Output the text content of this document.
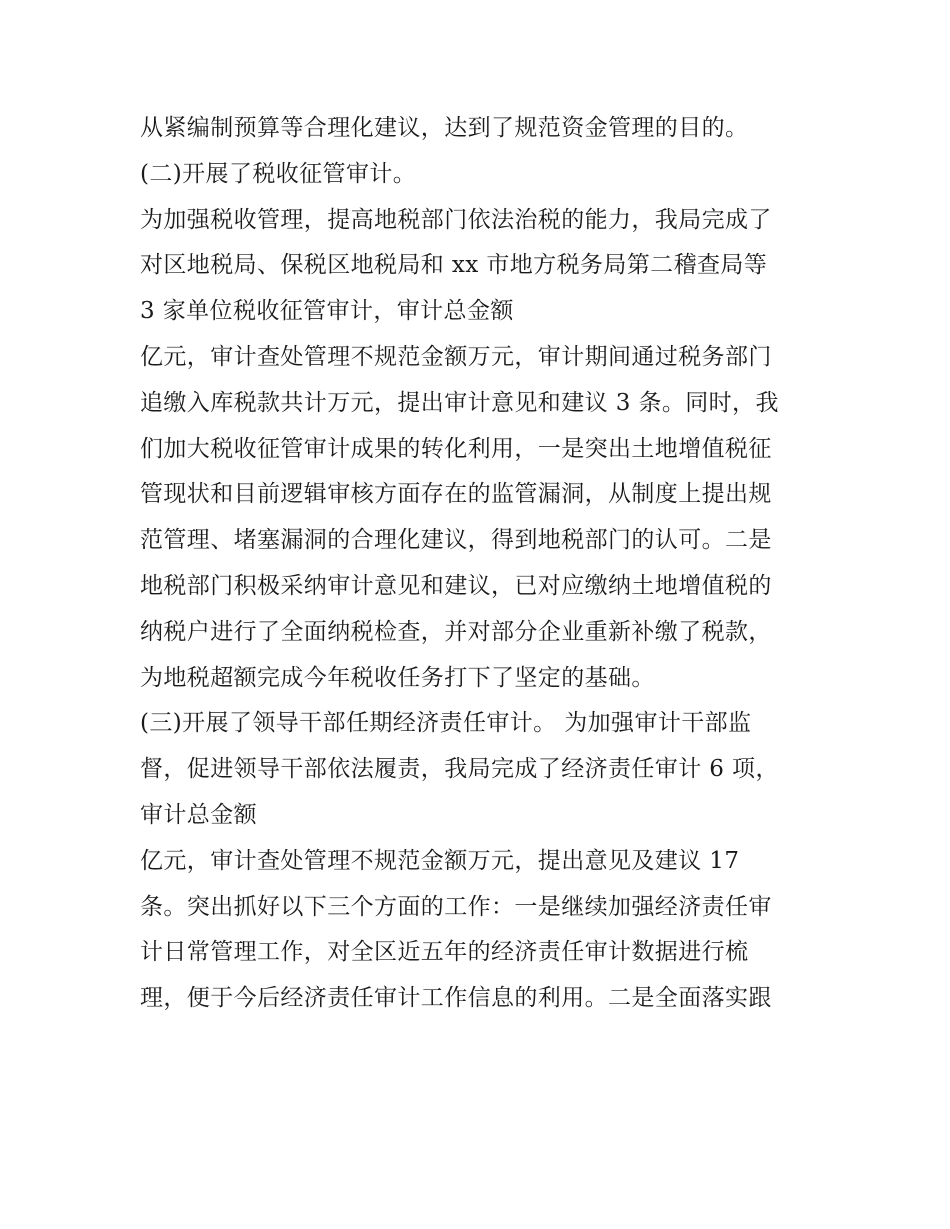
从紧编制预算等合理化建议，达到了规范资金管理的目的。
(二)开展了税收征管审计。
为加强税收管理，提高地税部门依法治税的能力，我局完成了
对区地税局、保税区地税局和 xx 市地方税务局第二稽查局等
3 家单位税收征管审计，审计总金额
亿元，审计查处管理不规范金额万元，审计期间通过税务部门
追缴入库税款共计万元，提出审计意见和建议 3 条。同时，我
们加大税收征管审计成果的转化利用，一是突出土地增值税征
管现状和目前逻辑审核方面存在的监管漏洞，从制度上提出规
范管理、堵塞漏洞的合理化建议，得到地税部门的认可。二是
地税部门积极采纳审计意见和建议，已对应缴纳土地增值税的
纳税户进行了全面纳税检查，并对部分企业重新补缴了税款，
为地税超额完成今年税收任务打下了坚定的基础。
(三)开展了领导干部任期经济责任审计。 为加强审计干部监
督，促进领导干部依法履责，我局完成了经济责任审计 6 项，
审计总金额
亿元，审计查处管理不规范金额万元，提出意见及建议 17
条。突出抓好以下三个方面的工作：一是继续加强经济责任审
计日常管理工作，对全区近五年的经济责任审计数据进行梳
理，便于今后经济责任审计工作信息的利用。二是全面落实跟
